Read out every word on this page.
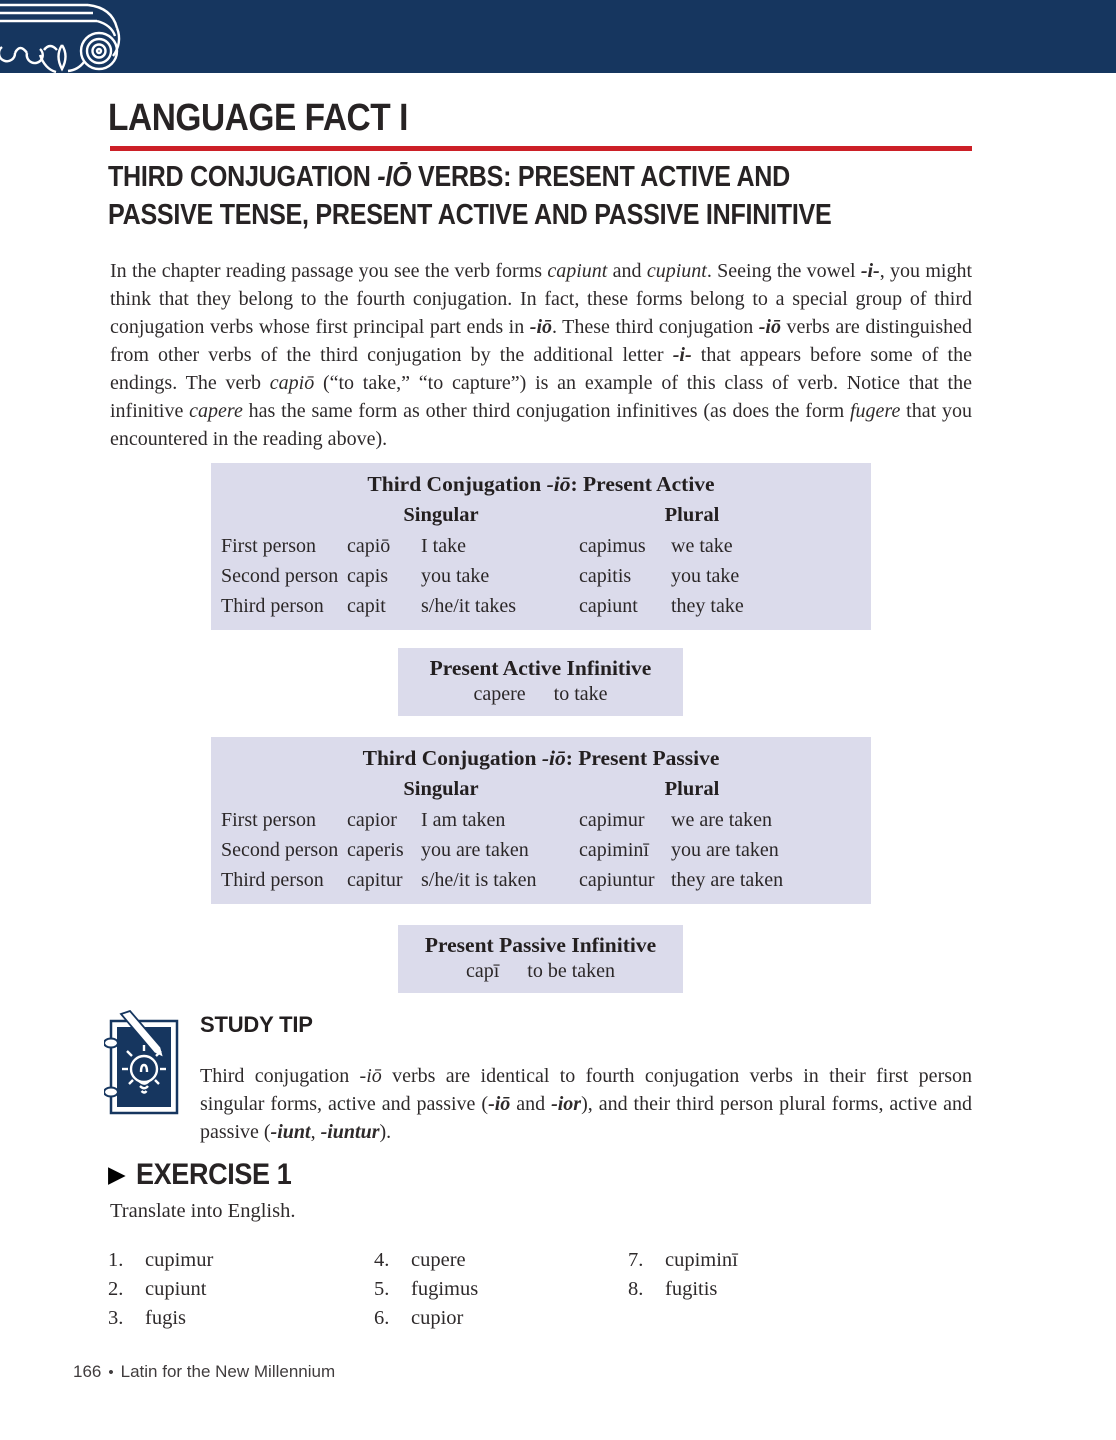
LANGUAGE FACT I
THIRD CONJUGATION -IŌ VERBS: PRESENT ACTIVE AND
PASSIVE TENSE, PRESENT ACTIVE AND PASSIVE INFINITIVE

In the chapter reading passage you see the verb forms capiunt and cupiunt. Seeing the vowel -i-, you might think that they belong to the fourth conjugation. In fact, these forms belong to a special group of third conjugation verbs whose first principal part ends in -iō. These third conjugation -iō verbs are distinguished from other verbs of the third conjugation by the additional letter -i- that appears before some of the endings. The verb capiō (“to take,” “to capture”) is an example of this class of verb. Notice that the infinitive capere has the same form as other third conjugation infinitives (as does the form fugere that you encountered in the reading above).

Third Conjugation -iō: Present Active
Singular	Plural
First person	capiō	I take	capimus	we take
Second person capis	you take	capitis	you take
Third person	capit	s/he/it takes	capiunt	they take
Present Active Infinitive
capere to take
Third Conjugation -iō: Present Passive
Singular	Plural
First person	capior	I am taken	capimur	we are taken
Second person caperis you are taken	capiminī	you are taken
Third person	capitur s/he/it is taken	capiuntur they are taken
Present Passive Infinitive
capī to be taken
STUDY TIP

Third conjugation -iō verbs are identical to fourth conjugation verbs in their first person singular forms, active and passive (-iō and -ior), and their third person plural forms, active and passive (-iunt, -iuntur).

▶ EXERCISE 1
Translate into English.
1.	cupimur
2.	cupiunt
3.	fugis
4.	cupere
5.	fugimus
6.	cupior
7.	cupiminī
8.	fugitis
166 • Latin for the New Millennium
